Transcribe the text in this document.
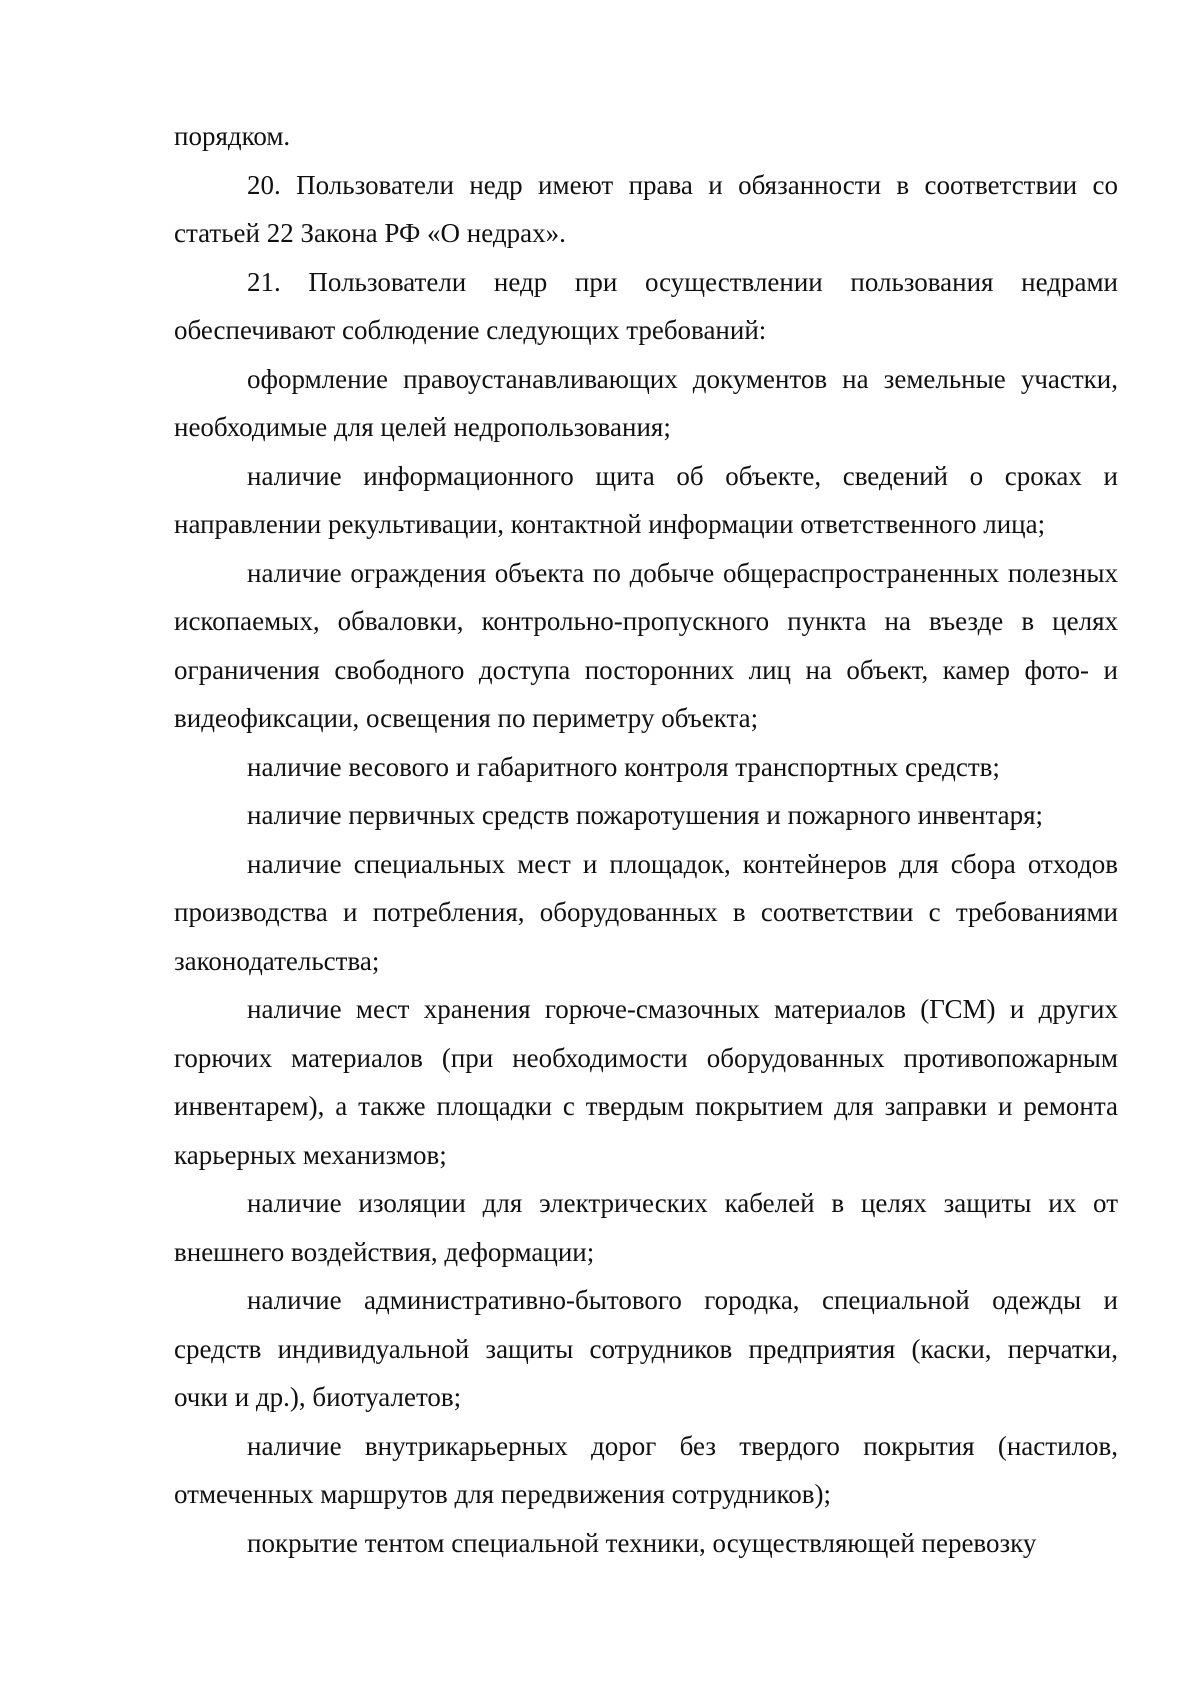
порядком.

20. Пользователи недр имеют права и обязанности в соответствии со статьей 22 Закона РФ «О недрах».

21. Пользователи недр при осуществлении пользования недрами обеспечивают соблюдение следующих требований:

оформление правоустанавливающих документов на земельные участки, необходимые для целей недропользования;

наличие информационного щита об объекте, сведений о сроках и направлении рекультивации, контактной информации ответственного лица;

наличие ограждения объекта по добыче общераспространенных полезных ископаемых, обваловки, контрольно-пропускного пункта на въезде в целях ограничения свободного доступа посторонних лиц на объект, камер фото- и видеофиксации, освещения по периметру объекта;

наличие весового и габаритного контроля транспортных средств;

наличие первичных средств пожаротушения и пожарного инвентаря;

наличие специальных мест и площадок, контейнеров для сбора отходов производства и потребления, оборудованных в соответствии с требованиями законодательства;

наличие мест хранения горюче-смазочных материалов (ГСМ) и других горючих материалов (при необходимости оборудованных противопожарным инвентарем), а также площадки с твердым покрытием для заправки и ремонта карьерных механизмов;

наличие изоляции для электрических кабелей в целях защиты их от внешнего воздействия, деформации;

наличие административно-бытового городка, специальной одежды и средств индивидуальной защиты сотрудников предприятия (каски, перчатки, очки и др.), биотуалетов;

наличие внутрикарьерных дорог без твердого покрытия (настилов, отмеченных маршрутов для передвижения сотрудников);

покрытие тентом специальной техники, осуществляющей перевозку
